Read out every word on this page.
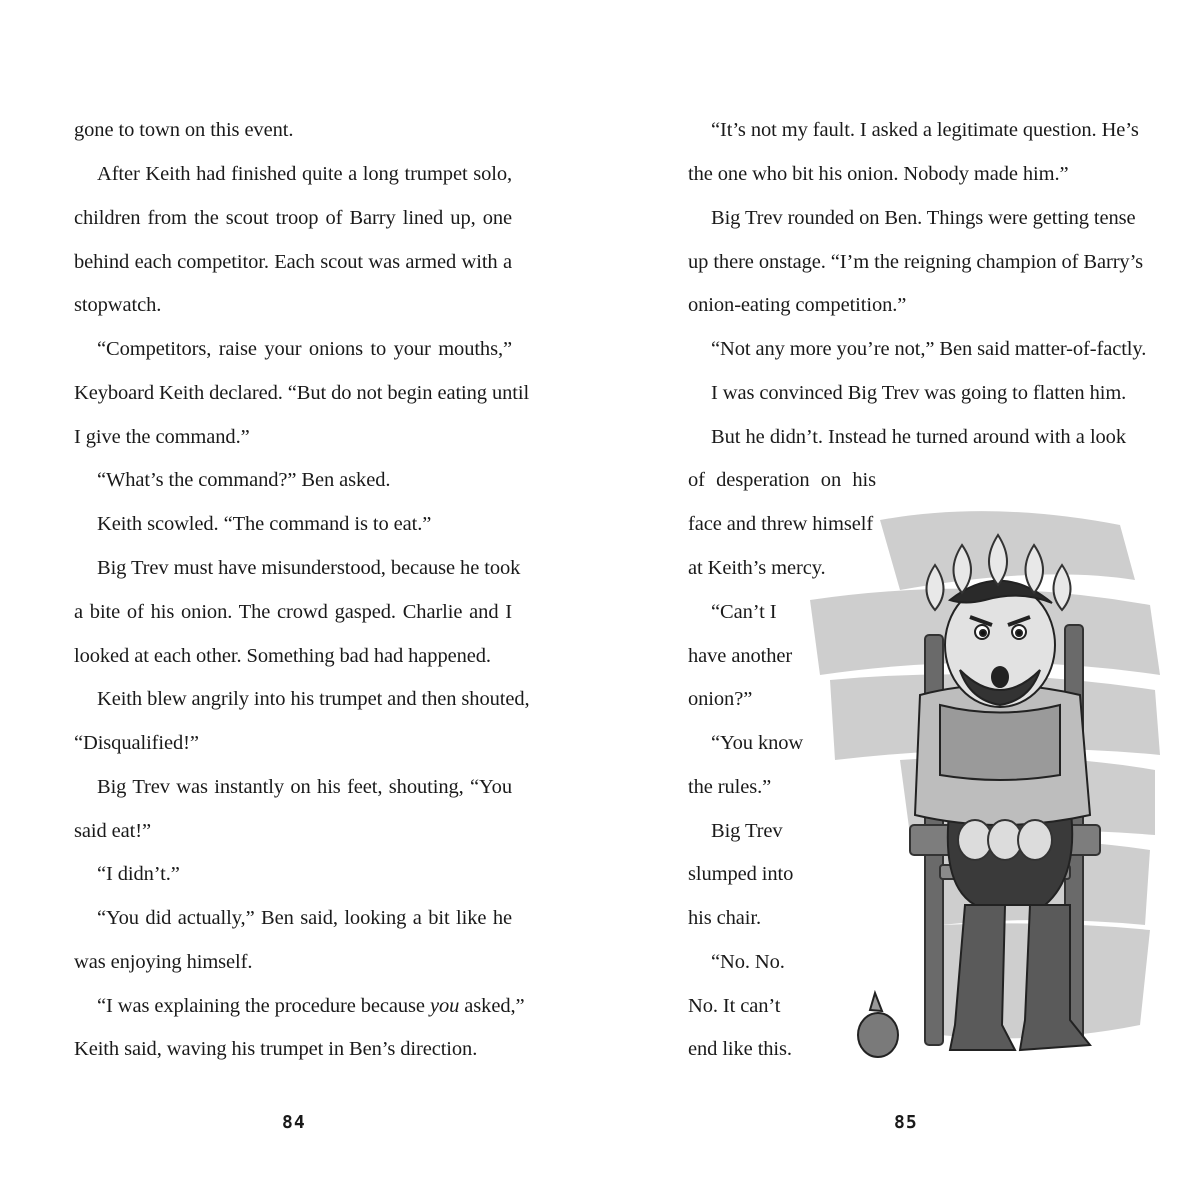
gone to town on this event.
After Keith had finished quite a long trumpet solo,
children from the scout troop of Barry lined up, one
behind each competitor. Each scout was armed with a
stopwatch.
“Competitors, raise your onions to your mouths,”
Keyboard Keith declared. “But do not begin eating until
I give the command.”
“What’s the command?” Ben asked.
Keith scowled. “The command is to eat.”
Big Trev must have misunderstood, because he took
a bite of his onion. The crowd gasped. Charlie and I
looked at each other. Something bad had happened.
Keith blew angrily into his trumpet and then shouted,
“Disqualified!”
Big Trev was instantly on his feet, shouting, “You
said eat!”
“I didn’t.”
“You did actually,” Ben said, looking a bit like he
was enjoying himself.
“I was explaining the procedure because you asked,”
Keith said, waving his trumpet in Ben’s direction.
84
“It’s not my fault. I asked a legitimate question. He’s
the one who bit his onion. Nobody made him.”
Big Trev rounded on Ben. Things were getting tense
up there onstage. “I’m the reigning champion of Barry’s
onion-eating competition.”
“Not any more you’re not,” Ben said matter-of-factly.
I was convinced Big Trev was going to flatten him.
But he didn’t. Instead he turned around with a look
of desperation on his
face and threw himself
at Keith’s mercy.
“Can’t I
have another
onion?”
“You know
the rules.”
Big Trev
slumped into
his chair.
“No. No.
No. It can’t
end like this.
85
